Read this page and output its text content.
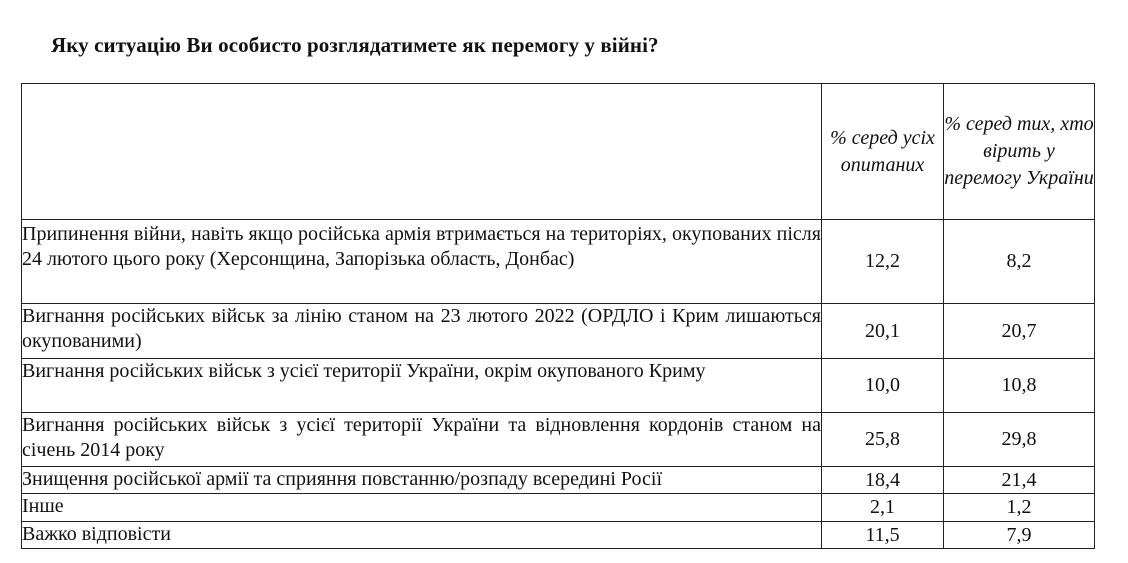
Яку ситуацію Ви особисто розглядатимете як перемогу у війні?
	% серед усіх опитаних	% серед тих, хто вірить у перемогу України
Припинення війни, навіть якщо російська армія втримається на територіях, окупованих після 24 лютого цього року (Херсонщина, Запорізька область, Донбас)	12,2	8,2
Вигнання російських військ за лінію станом на 23 лютого 2022 (ОРДЛО і Крим лишаються окупованими)	20,1	20,7
Вигнання російських військ з усієї території України, окрім окупованого Криму	10,0	10,8
Вигнання російських військ з усієї території України та відновлення кордонів станом на січень 2014 року	25,8	29,8
Знищення російської армії та сприяння повстанню/розпаду всередині Росії	18,4	21,4
Інше	2,1	1,2
Важко відповісти	11,5	7,9
